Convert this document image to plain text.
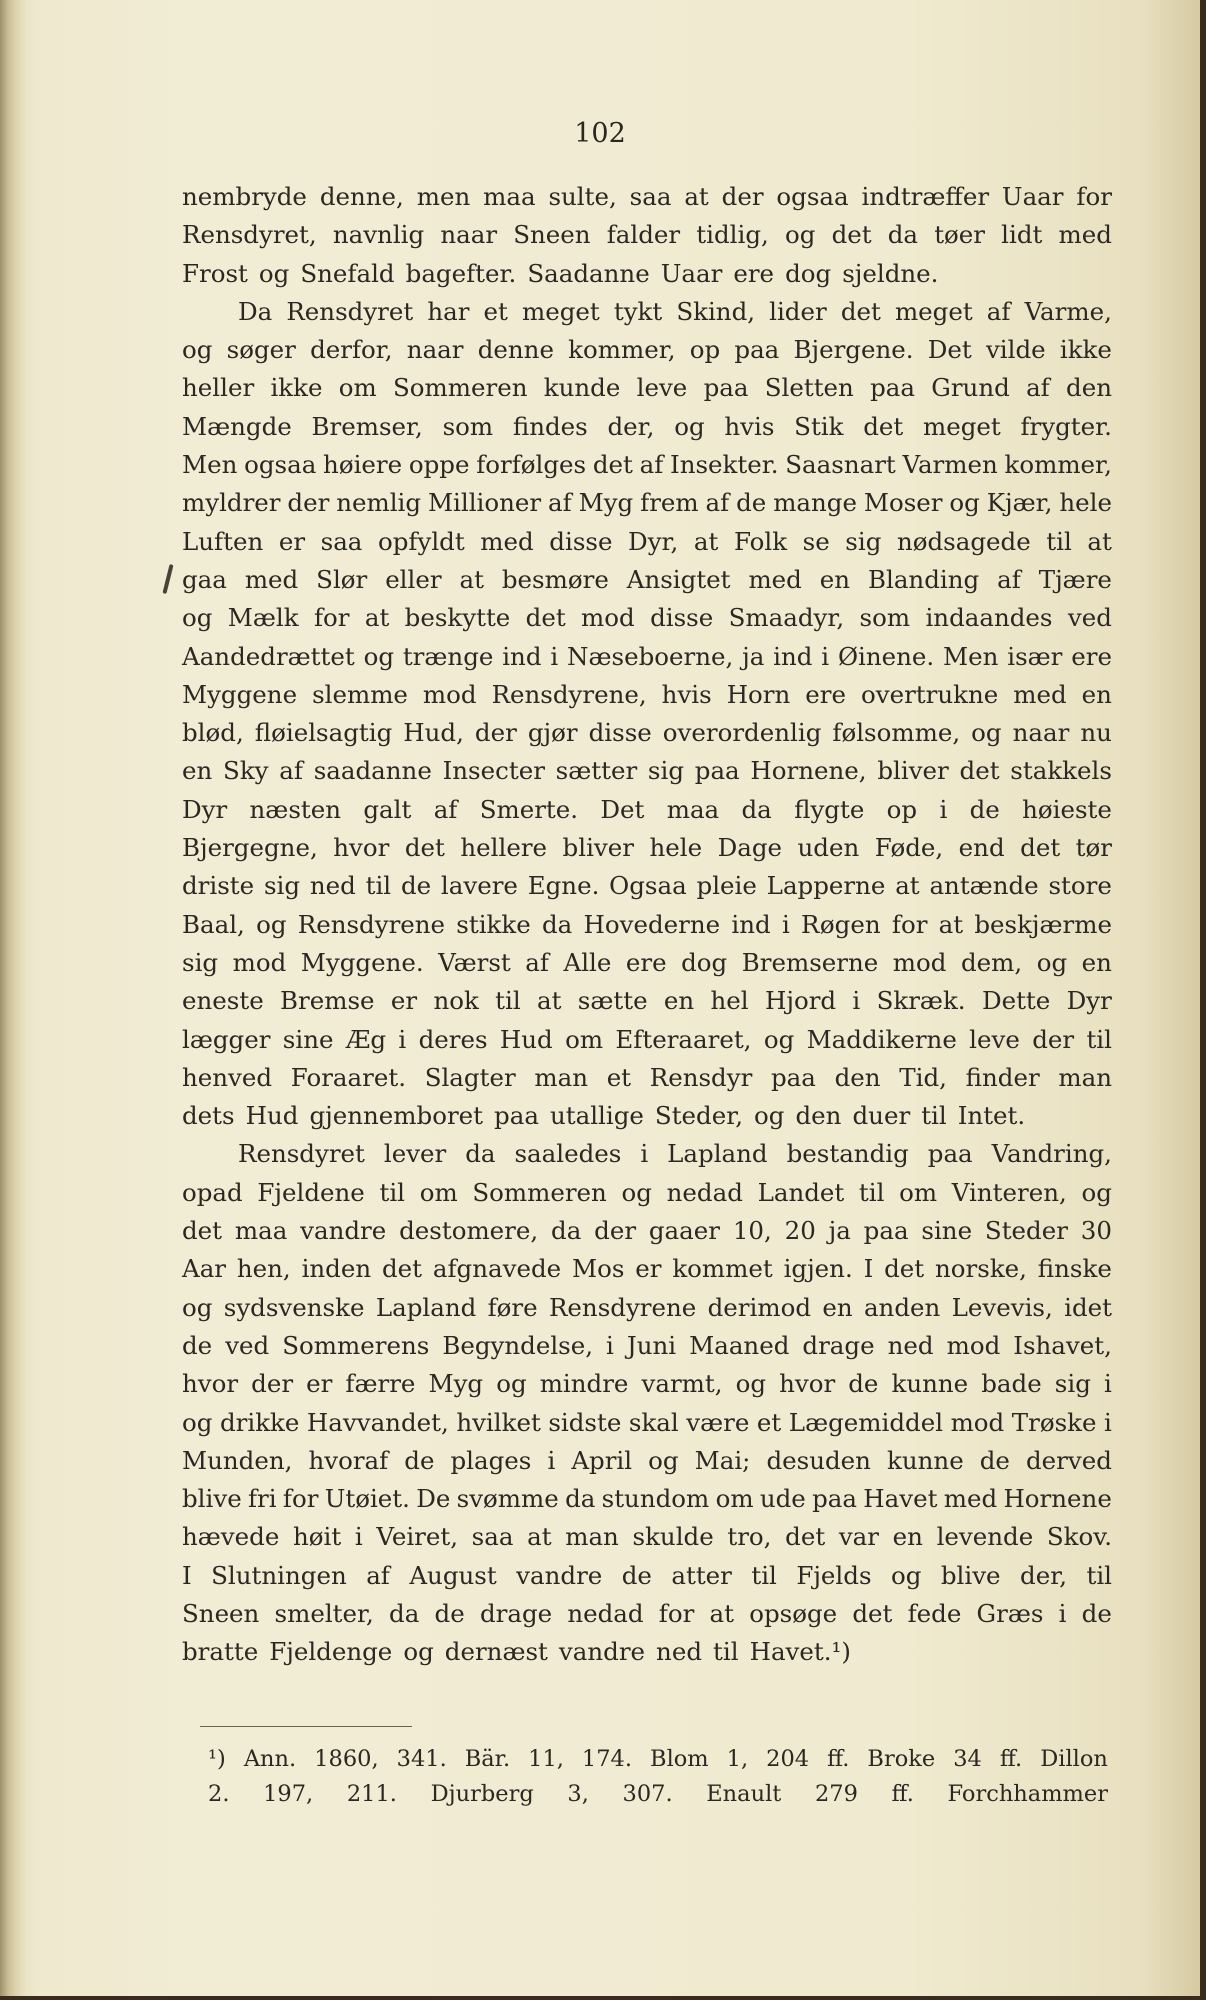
102
nembryde denne, men maa sulte, saa at der ogsaa indtræffer Uaar for
Rensdyret, navnlig naar Sneen falder tidlig, og det da tøer lidt med
Frost og Snefald bagefter. Saadanne Uaar ere dog sjeldne.
Da Rensdyret har et meget tykt Skind, lider det meget af Varme,
og søger derfor, naar denne kommer, op paa Bjergene. Det vilde ikke
heller ikke om Sommeren kunde leve paa Sletten paa Grund af den
Mængde Bremser, som findes der, og hvis Stik det meget frygter.
Men ogsaa høiere oppe forfølges det af Insekter. Saasnart Varmen kommer,
myldrer der nemlig Millioner af Myg frem af de mange Moser og Kjær, hele
Luften er saa opfyldt med disse Dyr, at Folk se sig nødsagede til at
gaa med Slør eller at besmøre Ansigtet med en Blanding af Tjære
og Mælk for at beskytte det mod disse Smaadyr, som indaandes ved
Aandedrættet og trænge ind i Næseboerne, ja ind i Øinene. Men især ere
Myggene slemme mod Rensdyrene, hvis Horn ere overtrukne med en
blød, fløielsagtig Hud, der gjør disse overordenlig følsomme, og naar nu
en Sky af saadanne Insecter sætter sig paa Hornene, bliver det stakkels
Dyr næsten galt af Smerte. Det maa da flygte op i de høieste
Bjergegne, hvor det hellere bliver hele Dage uden Føde, end det tør
driste sig ned til de lavere Egne. Ogsaa pleie Lapperne at antænde store
Baal, og Rensdyrene stikke da Hovederne ind i Røgen for at beskjærme
sig mod Myggene. Værst af Alle ere dog Bremserne mod dem, og en
eneste Bremse er nok til at sætte en hel Hjord i Skræk. Dette Dyr
lægger sine Æg i deres Hud om Efteraaret, og Maddikerne leve der til
henved Foraaret. Slagter man et Rensdyr paa den Tid, finder man
dets Hud gjennemboret paa utallige Steder, og den duer til Intet.
Rensdyret lever da saaledes i Lapland bestandig paa Vandring,
opad Fjeldene til om Sommeren og nedad Landet til om Vinteren, og
det maa vandre destomere, da der gaaer 10, 20 ja paa sine Steder 30
Aar hen, inden det afgnavede Mos er kommet igjen. I det norske, finske
og sydsvenske Lapland føre Rensdyrene derimod en anden Levevis, idet
de ved Sommerens Begyndelse, i Juni Maaned drage ned mod Ishavet,
hvor der er færre Myg og mindre varmt, og hvor de kunne bade sig i
og drikke Havvandet, hvilket sidste skal være et Lægemiddel mod Trøske i
Munden, hvoraf de plages i April og Mai; desuden kunne de derved
blive fri for Utøiet. De svømme da stundom om ude paa Havet med Hornene
hævede høit i Veiret, saa at man skulde tro, det var en levende Skov.
I Slutningen af August vandre de atter til Fjelds og blive der, til
Sneen smelter, da de drage nedad for at opsøge det fede Græs i de
bratte Fjeldenge og dernæst vandre ned til Havet.¹)
¹) Ann. 1860, 341. Bär. 11, 174. Blom 1, 204 ff. Broke 34 ff. Dillon
2. 197, 211. Djurberg 3, 307. Enault 279 ff. Forchhammer
